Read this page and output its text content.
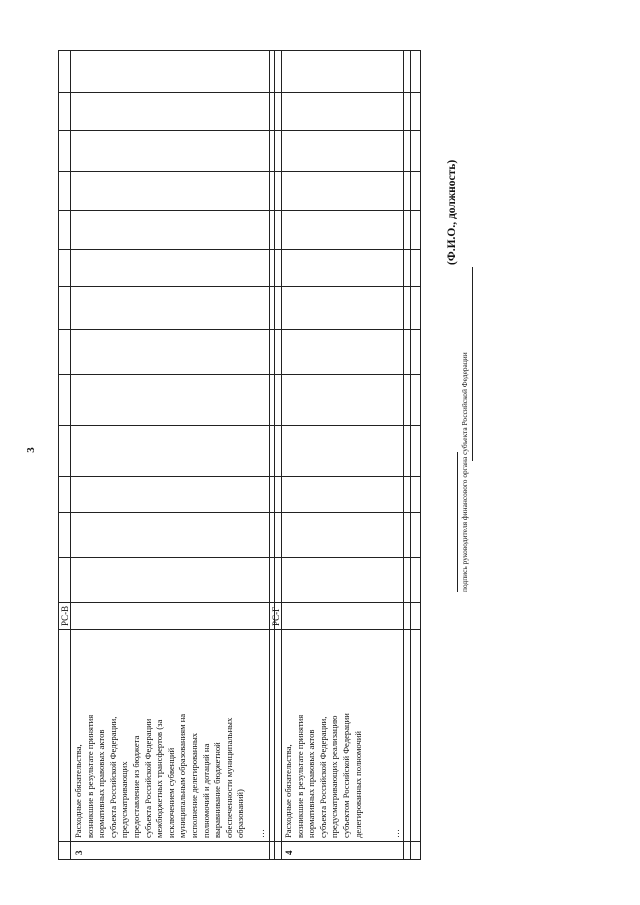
3
3
Расходные обязательства, возникшие в результате принятия нормативных правовых актов субъекта Российской Федерации, предусматривающих предоставление из бюджета субъекта Российской Федерации межбюджетных трансфертов (за исключением субвенций муниципальным образованиям на исполнение делегированных полномочий и дотаций на выравнивание бюджетной обеспеченности муниципальных образований) …
РС-В
4
Расходные обязательства, возникшие в результате принятия нормативных правовых актов субъекта Российской Федерации, предусматривающих реализацию субъектом Российской Федерации делегированных полномочий	…
РС-Г
подпись руководителя финансового органа субъекта Российской Федерации
(Ф.И.О., должность)
